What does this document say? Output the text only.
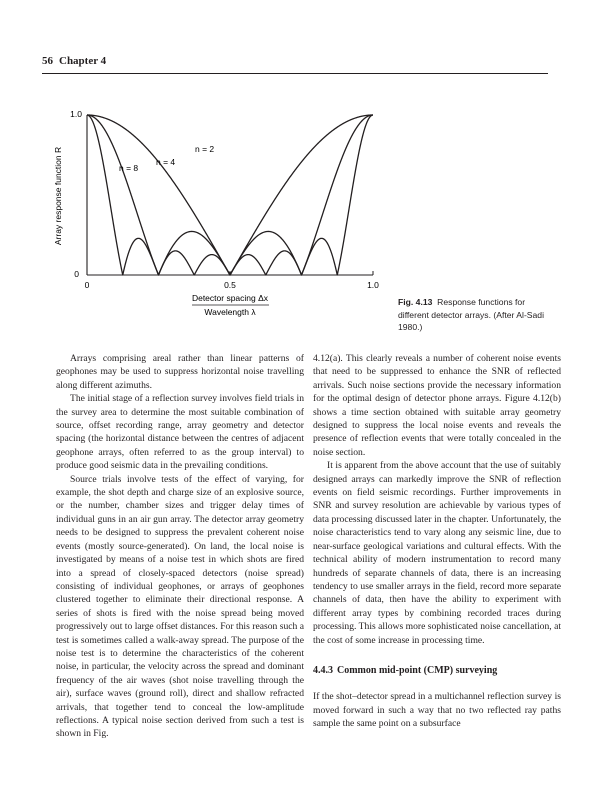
56 Chapter 4
Array response function R
1.0
0
0	0.5	1.0
Detector spacing Δx
Wavelength λ
n = 2
n = 4
n = 8
Fig. 4.13 Response functions for different detector arrays. (After Al-Sadi 1980.)

Arrays comprising areal rather than linear patterns of geophones may be used to suppress horizontal noise travelling along different azimuths.

The initial stage of a reflection survey involves field trials in the survey area to determine the most suitable combination of source, offset recording range, array geometry and detector spacing (the horizontal distance between the centres of adjacent geophone arrays, often referred to as the group interval) to produce good seismic data in the prevailing conditions.

Source trials involve tests of the effect of varying, for example, the shot depth and charge size of an explosive source, or the number, chamber sizes and trigger delay times of individual guns in an air gun array. The detector array geometry needs to be designed to suppress the prevalent coherent noise events (mostly source-generated). On land, the local noise is investigated by means of a noise test in which shots are fired into a spread of closely-spaced detectors (noise spread) consisting of individual geophones, or arrays of geophones clustered together to eliminate their directional response. A series of shots is fired with the noise spread being moved progressively out to large offset distances. For this reason such a test is sometimes called a walk-away spread. The purpose of the noise test is to determine the characteristics of the coherent noise, in particular, the velocity across the spread and dominant frequency of the air waves (shot noise travelling through the air), surface waves (ground roll), direct and shallow refracted arrivals, that together tend to conceal the low-amplitude reflections. A typical noise section derived from such a test is shown in Fig.

4.12(a). This clearly reveals a number of coherent noise events that need to be suppressed to enhance the SNR of reflected arrivals. Such noise sections provide the necessary information for the optimal design of detector phone arrays. Figure 4.12(b) shows a time section obtained with suitable array geometry designed to suppress the local noise events and reveals the presence of reflection events that were totally concealed in the noise section.

It is apparent from the above account that the use of suitably designed arrays can markedly improve the SNR of reflection events on field seismic recordings. Further improvements in SNR and survey resolution are achievable by various types of data processing discussed later in the chapter. Unfortunately, the noise characteristics tend to vary along any seismic line, due to near-surface geological variations and cultural effects. With the technical ability of modern instrumentation to record many hundreds of separate channels of data, there is an increasing tendency to use smaller arrays in the field, record more separate channels of data, then have the ability to experiment with different array types by combining recorded traces during processing. This allows more sophisticated noise cancellation, at the cost of some increase in processing time.

4.4.3 Common mid-point (CMP) surveying

If the shot–detector spread in a multichannel reflection survey is moved forward in such a way that no two reflected ray paths sample the same point on a subsurface
